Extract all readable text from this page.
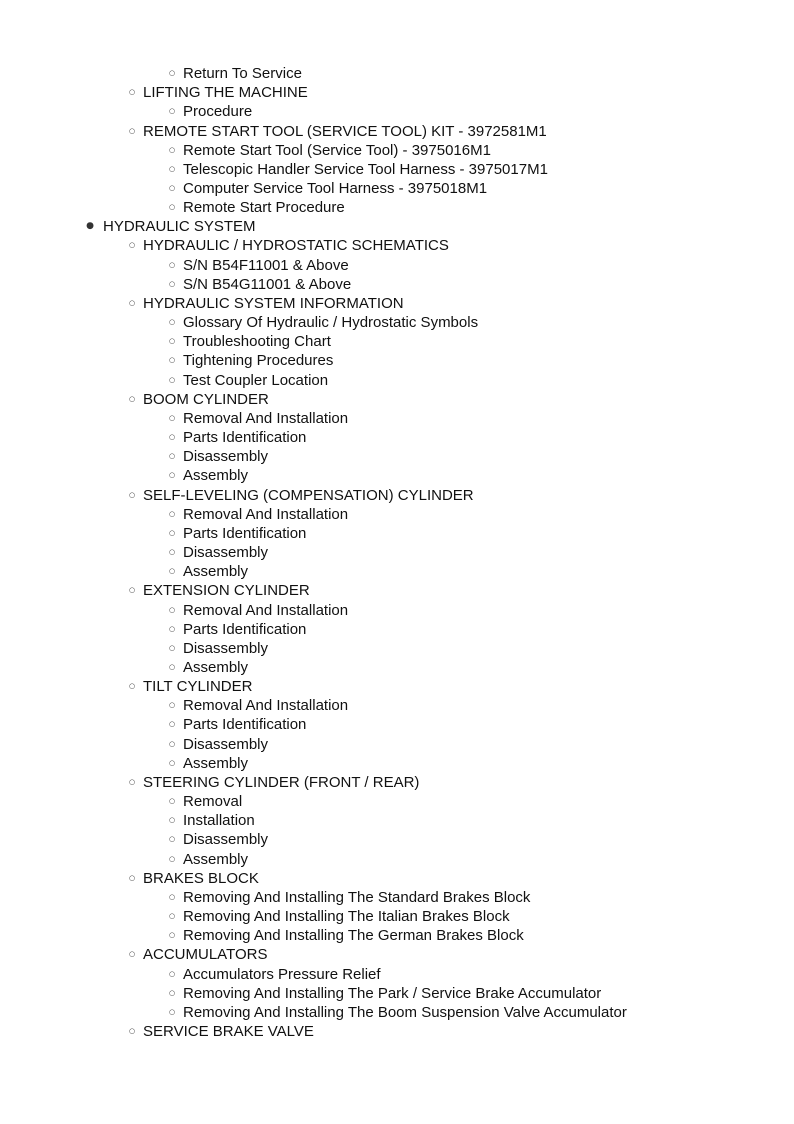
○ Return To Service
○ LIFTING THE MACHINE
○ Procedure
○ REMOTE START TOOL (SERVICE TOOL) KIT - 3972581M1
○ Remote Start Tool (Service Tool) - 3975016M1
○ Telescopic Handler Service Tool Harness - 3975017M1
○ Computer Service Tool Harness - 3975018M1
○ Remote Start Procedure
● HYDRAULIC SYSTEM
○ HYDRAULIC / HYDROSTATIC SCHEMATICS
○ S/N B54F11001 & Above
○ S/N B54G11001 & Above
○ HYDRAULIC SYSTEM INFORMATION
○ Glossary Of Hydraulic / Hydrostatic Symbols
○ Troubleshooting Chart
○ Tightening Procedures
○ Test Coupler Location
○ BOOM CYLINDER
○ Removal And Installation
○ Parts Identification
○ Disassembly
○ Assembly
○ SELF-LEVELING (COMPENSATION) CYLINDER
○ Removal And Installation
○ Parts Identification
○ Disassembly
○ Assembly
○ EXTENSION CYLINDER
○ Removal And Installation
○ Parts Identification
○ Disassembly
○ Assembly
○ TILT CYLINDER
○ Removal And Installation
○ Parts Identification
○ Disassembly
○ Assembly
○ STEERING CYLINDER (FRONT / REAR)
○ Removal
○ Installation
○ Disassembly
○ Assembly
○ BRAKES BLOCK
○ Removing And Installing The Standard Brakes Block
○ Removing And Installing The Italian Brakes Block
○ Removing And Installing The German Brakes Block
○ ACCUMULATORS
○ Accumulators Pressure Relief
○ Removing And Installing The Park / Service Brake Accumulator
○ Removing And Installing The Boom Suspension Valve Accumulator
○ SERVICE BRAKE VALVE
